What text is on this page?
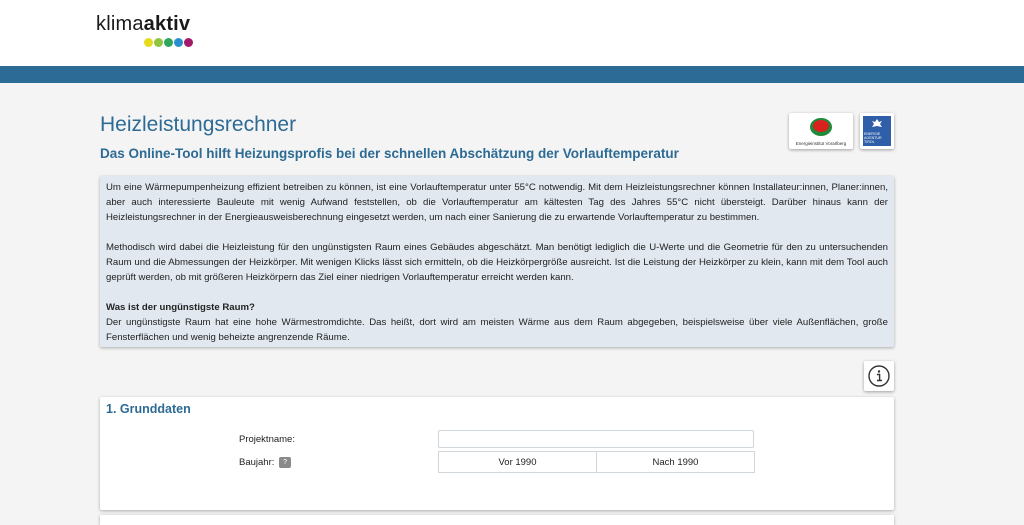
klimaaktiv
Heizleistungsrechner
Das Online-Tool hilft Heizungsprofis bei der schnellen Abschätzung der Vorlauftemperatur
Energieinstitut Vorarlberg
ENERGIE AGENTUR TIROL

Um eine Wärmepumpenheizung effizient betreiben zu können, ist eine Vorlauftemperatur unter 55°C notwendig. Mit dem Heizleistungsrechner können Installateur:innen, Planer:innen, aber auch interessierte Bauleute mit wenig Aufwand feststellen, ob die Vorlauftemperatur am kältesten Tag des Jahres 55°C nicht übersteigt. Darüber hinaus kann der Heizleistungsrechner in der Energieausweisberechnung eingesetzt werden, um nach einer Sanierung die zu erwartende Vorlauftemperatur zu bestimmen.

Methodisch wird dabei die Heizleistung für den ungünstigsten Raum eines Gebäudes abgeschätzt. Man benötigt lediglich die U-Werte und die Geometrie für den zu untersuchenden Raum und die Abmessungen der Heizkörper. Mit wenigen Klicks lässt sich ermitteln, ob die Heizkörpergröße ausreicht. Ist die Leistung der Heizkörper zu klein, kann mit dem Tool auch geprüft werden, ob mit größeren Heizkörpern das Ziel einer niedrigen Vorlauftemperatur erreicht werden kann.

Was ist der ungünstigste Raum?
Der ungünstigste Raum hat eine hohe Wärmestromdichte. Das heißt, dort wird am meisten Wärme aus dem Raum abgegeben, beispielsweise über viele Außenflächen, große Fensterflächen und wenig beheizte angrenzende Räume.

1. Grunddaten
Projektname:
Baujahr: ?	Vor 1990	Nach 1990
